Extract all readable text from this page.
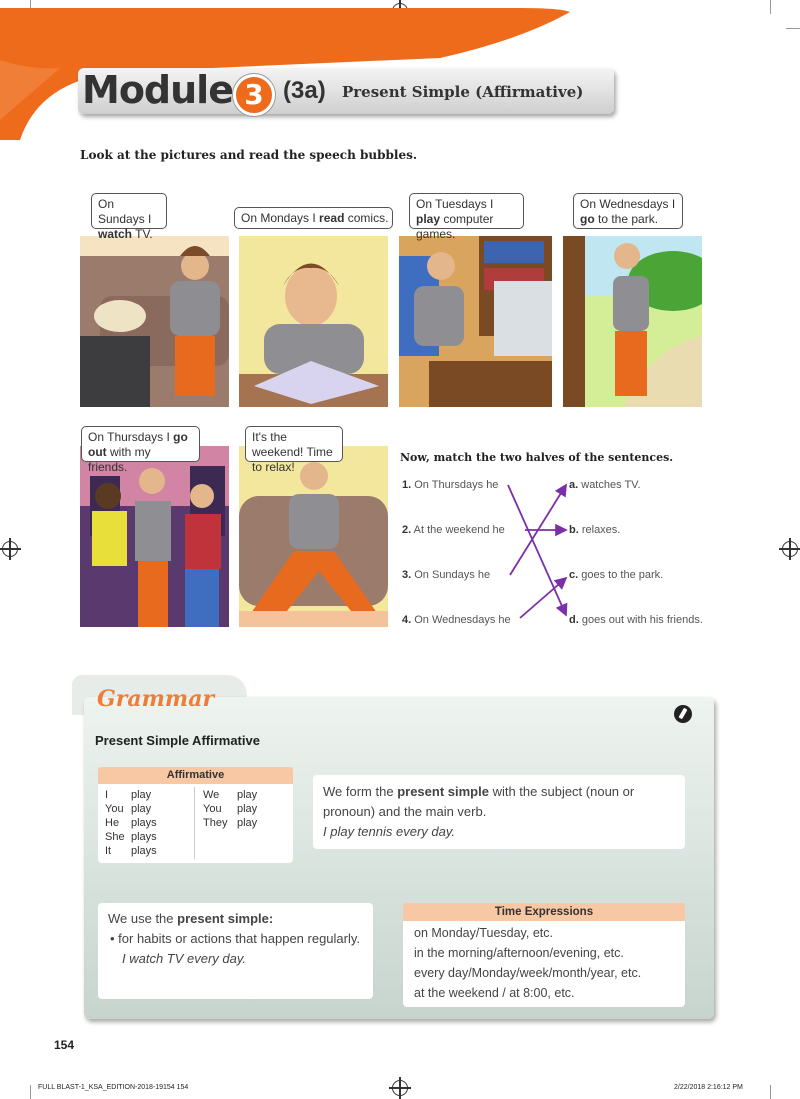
Module 3 (3a) Present Simple (Affirmative)
Look at the pictures and read the speech bubbles.
On Sundays I watch TV.
On Mondays I read comics.
On Tuesdays I play computer games.
On Wednesdays I go to the park.
On Thursdays I go out with my friends.
It's the weekend! Time to relax!
Now, match the two halves of the sentences.
1. On Thursdays he
2. At the weekend he
3. On Sundays he
4. On Wednesdays he
a. watches TV.
b. relaxes.
c. goes to the park.
d. goes out with his friends.
Grammar
Present Simple Affirmative
Affirmative
I play
You play
He plays
She plays
It plays
We play
You play
They play
We form the present simple with the subject (noun or pronoun) and the main verb.
I play tennis every day.
We use the present simple:

• for habits or actions that happen regularly.
I watch TV every day.
Time Expressions
on Monday/Tuesday, etc.
in the morning/afternoon/evening, etc.
every day/Monday/week/month/year, etc.
at the weekend / at 8:00, etc.
154
FULL BLAST-1_KSA_EDITION-2018-19154 154	2/22/2018 2:16:12 PM
